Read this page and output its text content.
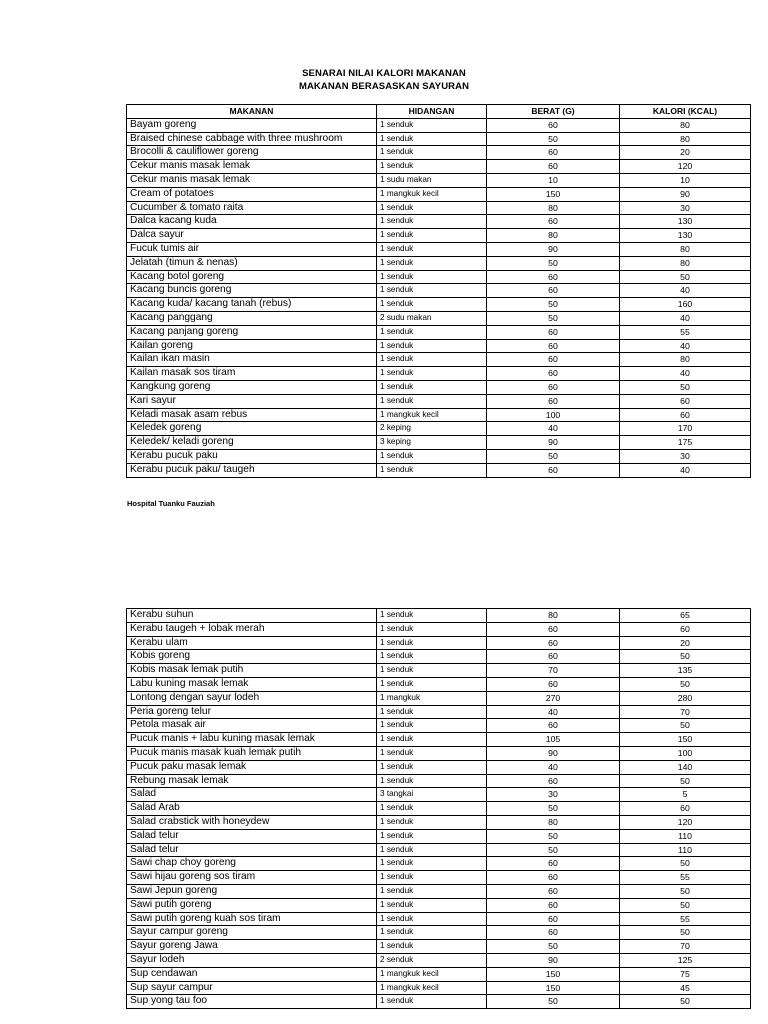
SENARAI NILAI KALORI MAKANAN
MAKANAN BERASASKAN SAYURAN
MAKANAN	HIDANGAN	BERAT (G)	KALORI (KCAL)
Bayam goreng	1 senduk	60	80
Braised chinese cabbage with three mushroom	1 senduk	50	80
Brocolli & cauliflower goreng	1 senduk	60	20
Cekur manis masak lemak	1 senduk	60	120
Cekur manis masak lemak	1 sudu makan	10	10
Cream of potatoes	1 mangkuk kecil	150	90
Cucumber & tomato raita	1 senduk	80	30
Dalca kacang kuda	1 senduk	60	130
Dalca sayur	1 senduk	80	130
Fucuk tumis air	1 senduk	90	80
Jelatah (timun & nenas)	1 senduk	50	80
Kacang botol goreng	1 senduk	60	50
Kacang buncis goreng	1 senduk	60	40
Kacang kuda/ kacang tanah (rebus)	1 senduk	50	160
Kacang panggang	2 sudu makan	50	40
Kacang panjang goreng	1 senduk	60	55
Kailan goreng	1 senduk	60	40
Kailan ikan masin	1 senduk	60	80
Kailan masak sos tiram	1 senduk	60	40
Kangkung goreng	1 senduk	60	50
Kari sayur	1 senduk	60	60
Keladi masak asam rebus	1 mangkuk kecil	100	60
Keledek goreng	2 keping	40	170
Keledek/ keladi goreng	3 keping	90	175
Kerabu pucuk paku	1 senduk	50	30
Kerabu pucuk paku/ taugeh	1 senduk	60	40
Hospital Tuanku Fauziah
Kerabu suhun	1 senduk	80	65
Kerabu taugeh + lobak merah	1 senduk	60	60
Kerabu ulam	1 senduk	60	20
Kobis goreng	1 senduk	60	50
Kobis masak lemak putih	1 senduk	70	135
Labu kuning masak lemak	1 senduk	60	50
Lontong dengan sayur lodeh	1 mangkuk	270	280
Peria goreng telur	1 senduk	40	70
Petola masak air	1 senduk	60	50
Pucuk manis + labu kuning masak lemak	1 senduk	105	150
Pucuk manis masak kuah lemak putih	1 senduk	90	100
Pucuk paku masak lemak	1 senduk	40	140
Rebung masak lemak	1 senduk	60	50
Salad	3 tangkai	30	5
Salad Arab	1 senduk	50	60
Salad crabstick with honeydew	1 senduk	80	120
Salad telur	1 senduk	50	110
Salad telur	1 senduk	50	110
Sawi chap choy goreng	1 senduk	60	50
Sawi hijau goreng sos tiram	1 senduk	60	55
Sawi Jepun goreng	1 senduk	60	50
Sawi putih goreng	1 senduk	60	50
Sawi putih goreng kuah sos tiram	1 senduk	60	55
Sayur campur goreng	1 senduk	60	50
Sayur goreng Jawa	1 senduk	50	70
Sayur lodeh	2 senduk	90	125
Sup cendawan	1 mangkuk kecil	150	75
Sup sayur campur	1 mangkuk kecil	150	45
Sup yong tau foo	1 senduk	50	50
